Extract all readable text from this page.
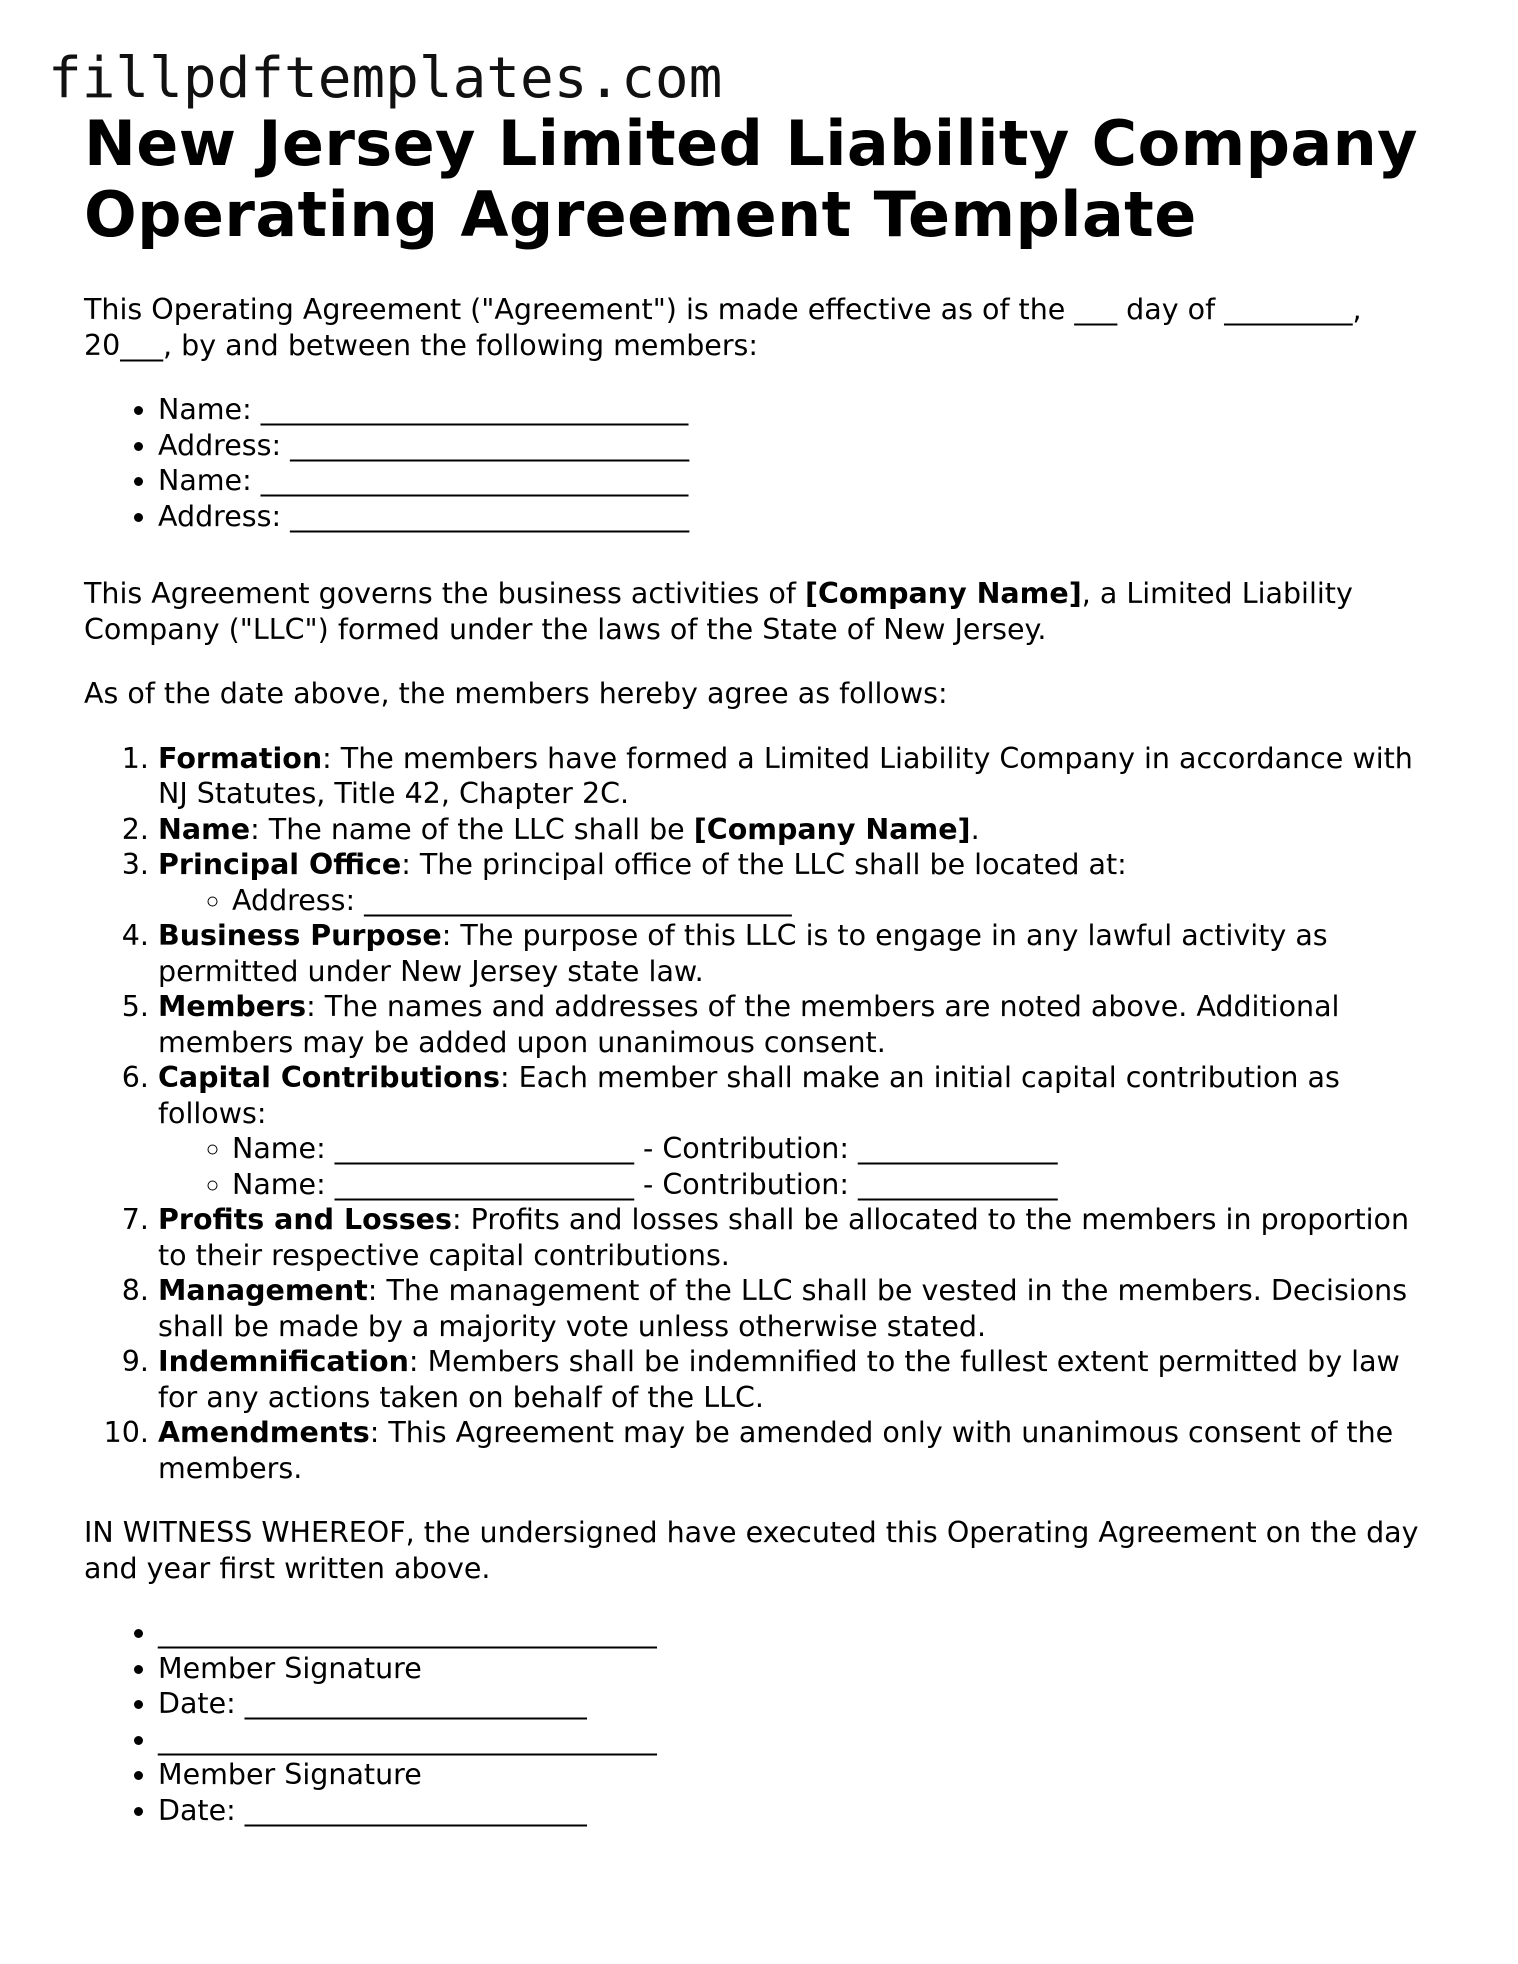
fillpdftemplates.com
New Jersey Limited Liability Company
Operating Agreement Template

This Operating Agreement ("Agreement") is made effective as of the ___ day of _________, 20___, by and between the following members:

• Name: ______________________________
• Address: ____________________________
• Name: ______________________________
• Address: ____________________________

This Agreement governs the business activities of [Company Name], a Limited Liability Company ("LLC") formed under the laws of the State of New Jersey.

As of the date above, the members hereby agree as follows:

1. Formation: The members have formed a Limited Liability Company in accordance with NJ Statutes, Title 42, Chapter 2C.
2. Name: The name of the LLC shall be [Company Name].
3. Principal Office: The principal office of the LLC shall be located at:
◦ Address: ______________________________
4. Business Purpose: The purpose of this LLC is to engage in any lawful activity as permitted under New Jersey state law.
5. Members: The names and addresses of the members are noted above. Additional members may be added upon unanimous consent.
6. Capital Contributions: Each member shall make an initial capital contribution as follows:
◦ Name: _____________________ - Contribution: ______________
◦ Name: _____________________ - Contribution: ______________
7. Profits and Losses: Profits and losses shall be allocated to the members in proportion to their respective capital contributions.
8. Management: The management of the LLC shall be vested in the members. Decisions shall be made by a majority vote unless otherwise stated.
9. Indemnification: Members shall be indemnified to the fullest extent permitted by law for any actions taken on behalf of the LLC.
10. Amendments: This Agreement may be amended only with unanimous consent of the members.

IN WITNESS WHEREOF, the undersigned have executed this Operating Agreement on the day and year first written above.

• ___________________________________
• Member Signature
• Date: ________________________
• ___________________________________
• Member Signature
• Date: ________________________
